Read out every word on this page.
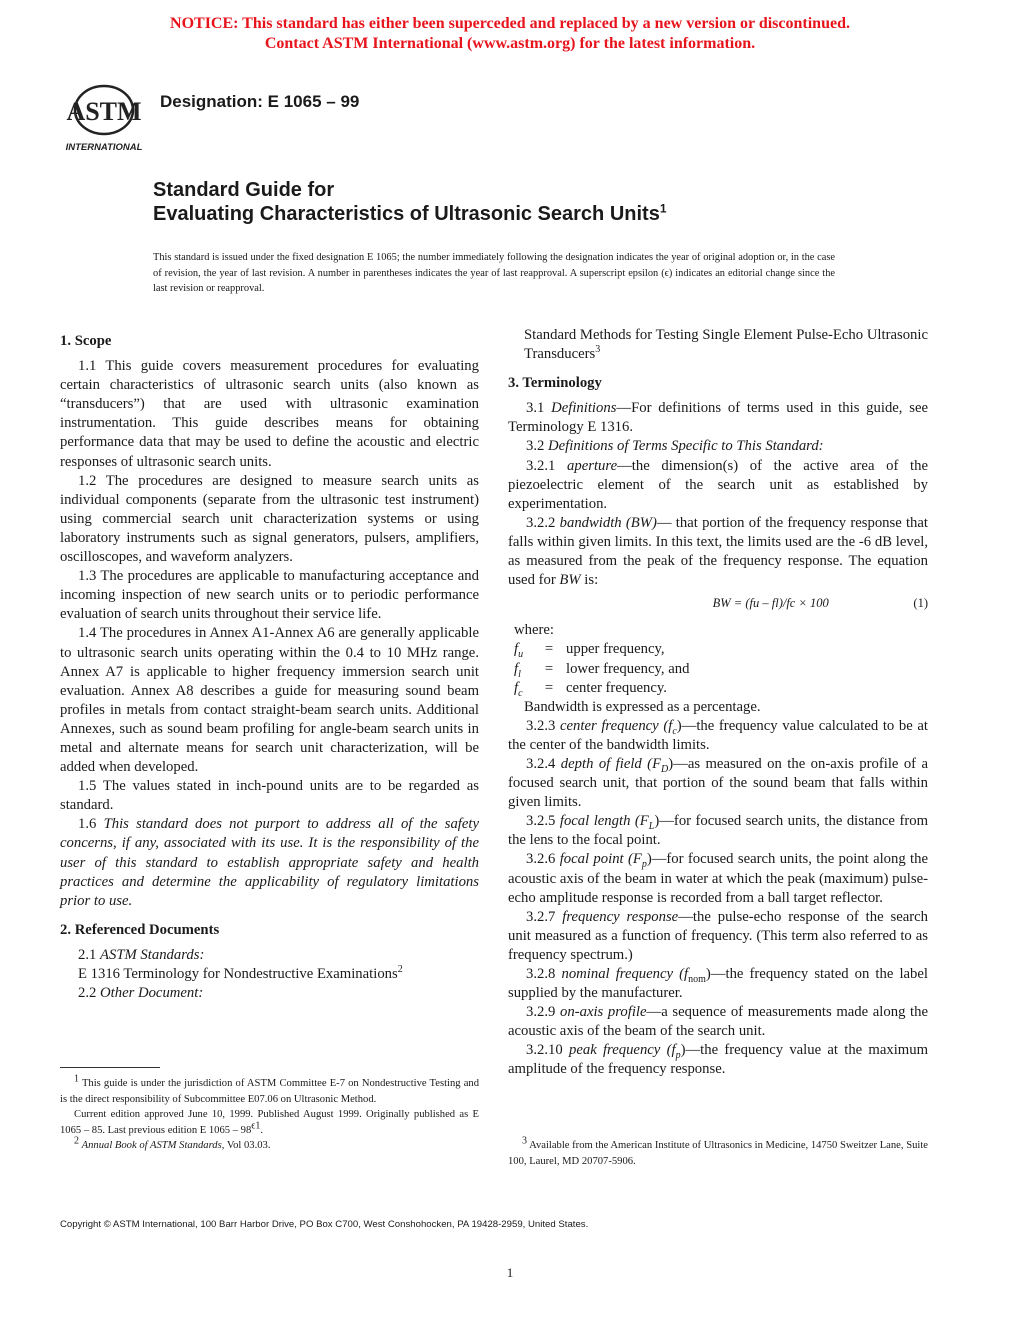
NOTICE: This standard has either been superceded and replaced by a new version or discontinued.
Contact ASTM International (www.astm.org) for the latest information.
ASTM
INTERNATIONAL
Designation: E 1065 – 99
Standard Guide for
Evaluating Characteristics of Ultrasonic Search Units$^1$
This standard is issued under the fixed designation E 1065; the number immediately following the designation indicates the year of original adoption or, in the case of revision, the year of last revision. A number in parentheses indicates the year of last reapproval. A superscript epsilon (ϵ) indicates an editorial change since the last revision or reapproval.

1. Scope

1.1 This guide covers measurement procedures for evaluating certain characteristics of ultrasonic search units (also known as “transducers”) that are used with ultrasonic examination instrumentation. This guide describes means for obtaining performance data that may be used to define the acoustic and electric responses of ultrasonic search units.

1.2 The procedures are designed to measure search units as individual components (separate from the ultrasonic test instrument) using commercial search unit characterization systems or using laboratory instruments such as signal generators, pulsers, amplifiers, oscilloscopes, and waveform analyzers.

1.3 The procedures are applicable to manufacturing acceptance and incoming inspection of new search units or to periodic performance evaluation of search units throughout their service life.

1.4 The procedures in Annex A1-Annex A6 are generally applicable to ultrasonic search units operating within the 0.4 to 10 MHz range. Annex A7 is applicable to higher frequency immersion search unit evaluation. Annex A8 describes a guide for measuring sound beam profiles in metals from contact straight-beam search units. Additional Annexes, such as sound beam profiling for angle-beam search units in metal and alternate means for search unit characterization, will be added when developed.

1.5 The values stated in inch-pound units are to be regarded as standard.

1.6 This standard does not purport to address all of the safety concerns, if any, associated with its use. It is the responsibility of the user of this standard to establish appropriate safety and health practices and determine the applicability of regulatory limitations prior to use.

2. Referenced Documents

2.1 ASTM Standards:

E 1316 Terminology for Nondestructive Examinations$^2$

2.2 Other Document:

$^1$ This guide is under the jurisdiction of ASTM Committee E-7 on Nondestructive Testing and is the direct responsibility of Subcommittee E07.06 on Ultrasonic Method.

Current edition approved June 10, 1999. Published August 1999. Originally published as E 1065 – 85. Last previous edition E $1065 - 98^{\epsilon 1}$.

$^2$ Annual Book of ASTM Standards, Vol 03.03.

Standard Methods for Testing Single Element Pulse-Echo Ultrasonic Transducers$^3$

3. Terminology

3.1 Definitions—For definitions of terms used in this guide, see Terminology E 1316.

3.2 Definitions of Terms Specific to This Standard:

3.2.1 aperture—the dimension(s) of the active area of the piezoelectric element of the search unit as established by experimentation.

3.2.2 bandwidth (BW)— that portion of the frequency response that falls within given limits. In this text, the limits used are the -6 dB level, as measured from the peak of the frequency response. The equation used for BW is:

BW = (fu – fl)/fc × 100	(1)

where:

$f_u$	= upper frequency,
$f_l$	= lower frequency, and
$f_c$	= center frequency.

Bandwidth is expressed as a percentage.

3.2.3 center frequency $(f_c)—the$ frequency value calculated to be at the center of the bandwidth limits.

3.2.4 depth of field $(F_D)—as$ measured on the on-axis profile of a focused search unit, that portion of the sound beam that falls within given limits.

3.2.5 focal length $(F_L)—for$ focused search units, the distance from the lens to the focal point.

3.2.6 focal point $(F_p)—for$ focused search units, the point along the acoustic axis of the beam in water at which the peak (maximum) pulse-echo amplitude response is recorded from a ball target reflector.

3.2.7 frequency response—the pulse-echo response of the search unit measured as a function of frequency. (This term also referred to as frequency spectrum.)

3.2.8 nominal frequency $(f_{nom})—the$ frequency stated on the label supplied by the manufacturer.

3.2.9 on-axis profile—a sequence of measurements made along the acoustic axis of the beam of the search unit.

3.2.10 peak frequency $(f_p)—the$ frequency value at the maximum amplitude of the frequency response.

$^3$ Available from the American Institute of Ultrasonics in Medicine, 14750 Sweitzer Lane, Suite 100, Laurel, MD 20707-5906.

Copyright © ASTM International, 100 Barr Harbor Drive, PO Box C700, West Conshohocken, PA 19428-2959, United States.
1
